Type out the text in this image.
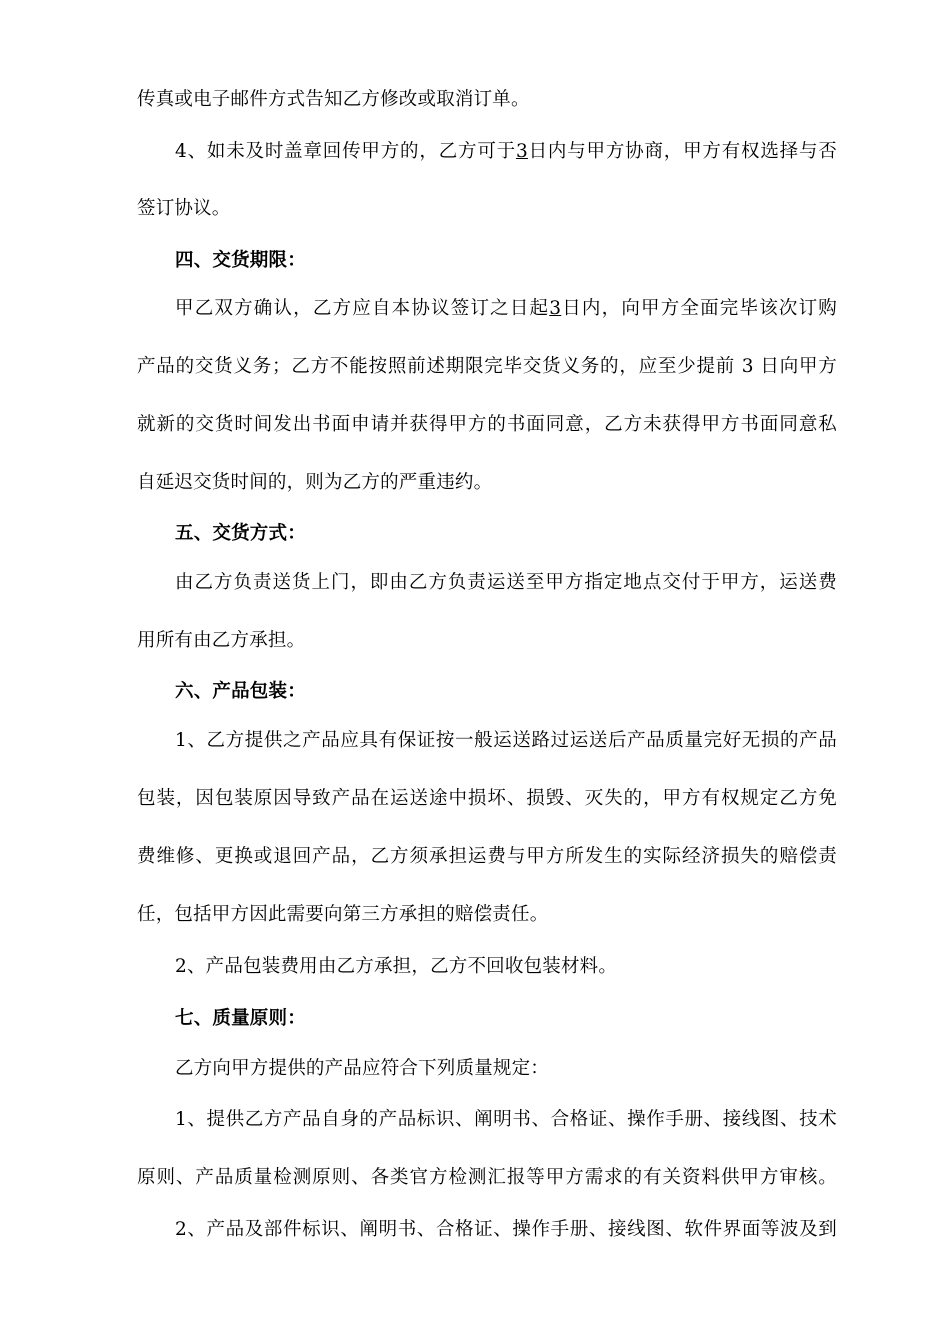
传真或电子邮件方式告知乙方修改或取消订单。
4、如未及时盖章回传甲方的，乙方可于3日内与甲方协商，甲方有权选择与否
签订协议。
四、交货期限：
甲乙双方确认，乙方应自本协议签订之日起3日内，向甲方全面完毕该次订购
产品的交货义务；乙方不能按照前述期限完毕交货义务的，应至少提前 3 日向甲方
就新的交货时间发出书面申请并获得甲方的书面同意，乙方未获得甲方书面同意私
自延迟交货时间的，则为乙方的严重违约。
五、交货方式：
由乙方负责送货上门，即由乙方负责运送至甲方指定地点交付于甲方，运送费
用所有由乙方承担。
六、产品包装：
1、乙方提供之产品应具有保证按一般运送路过运送后产品质量完好无损的产品
包装，因包装原因导致产品在运送途中损坏、损毁、灭失的，甲方有权规定乙方免
费维修、更换或退回产品，乙方须承担运费与甲方所发生的实际经济损失的赔偿责
任，包括甲方因此需要向第三方承担的赔偿责任。
2、产品包装费用由乙方承担，乙方不回收包装材料。
七、质量原则：
乙方向甲方提供的产品应符合下列质量规定：
1、提供乙方产品自身的产品标识、阐明书、合格证、操作手册、接线图、技术
原则、产品质量检测原则、各类官方检测汇报等甲方需求的有关资料供甲方审核。
2、产品及部件标识、阐明书、合格证、操作手册、接线图、软件界面等波及到
